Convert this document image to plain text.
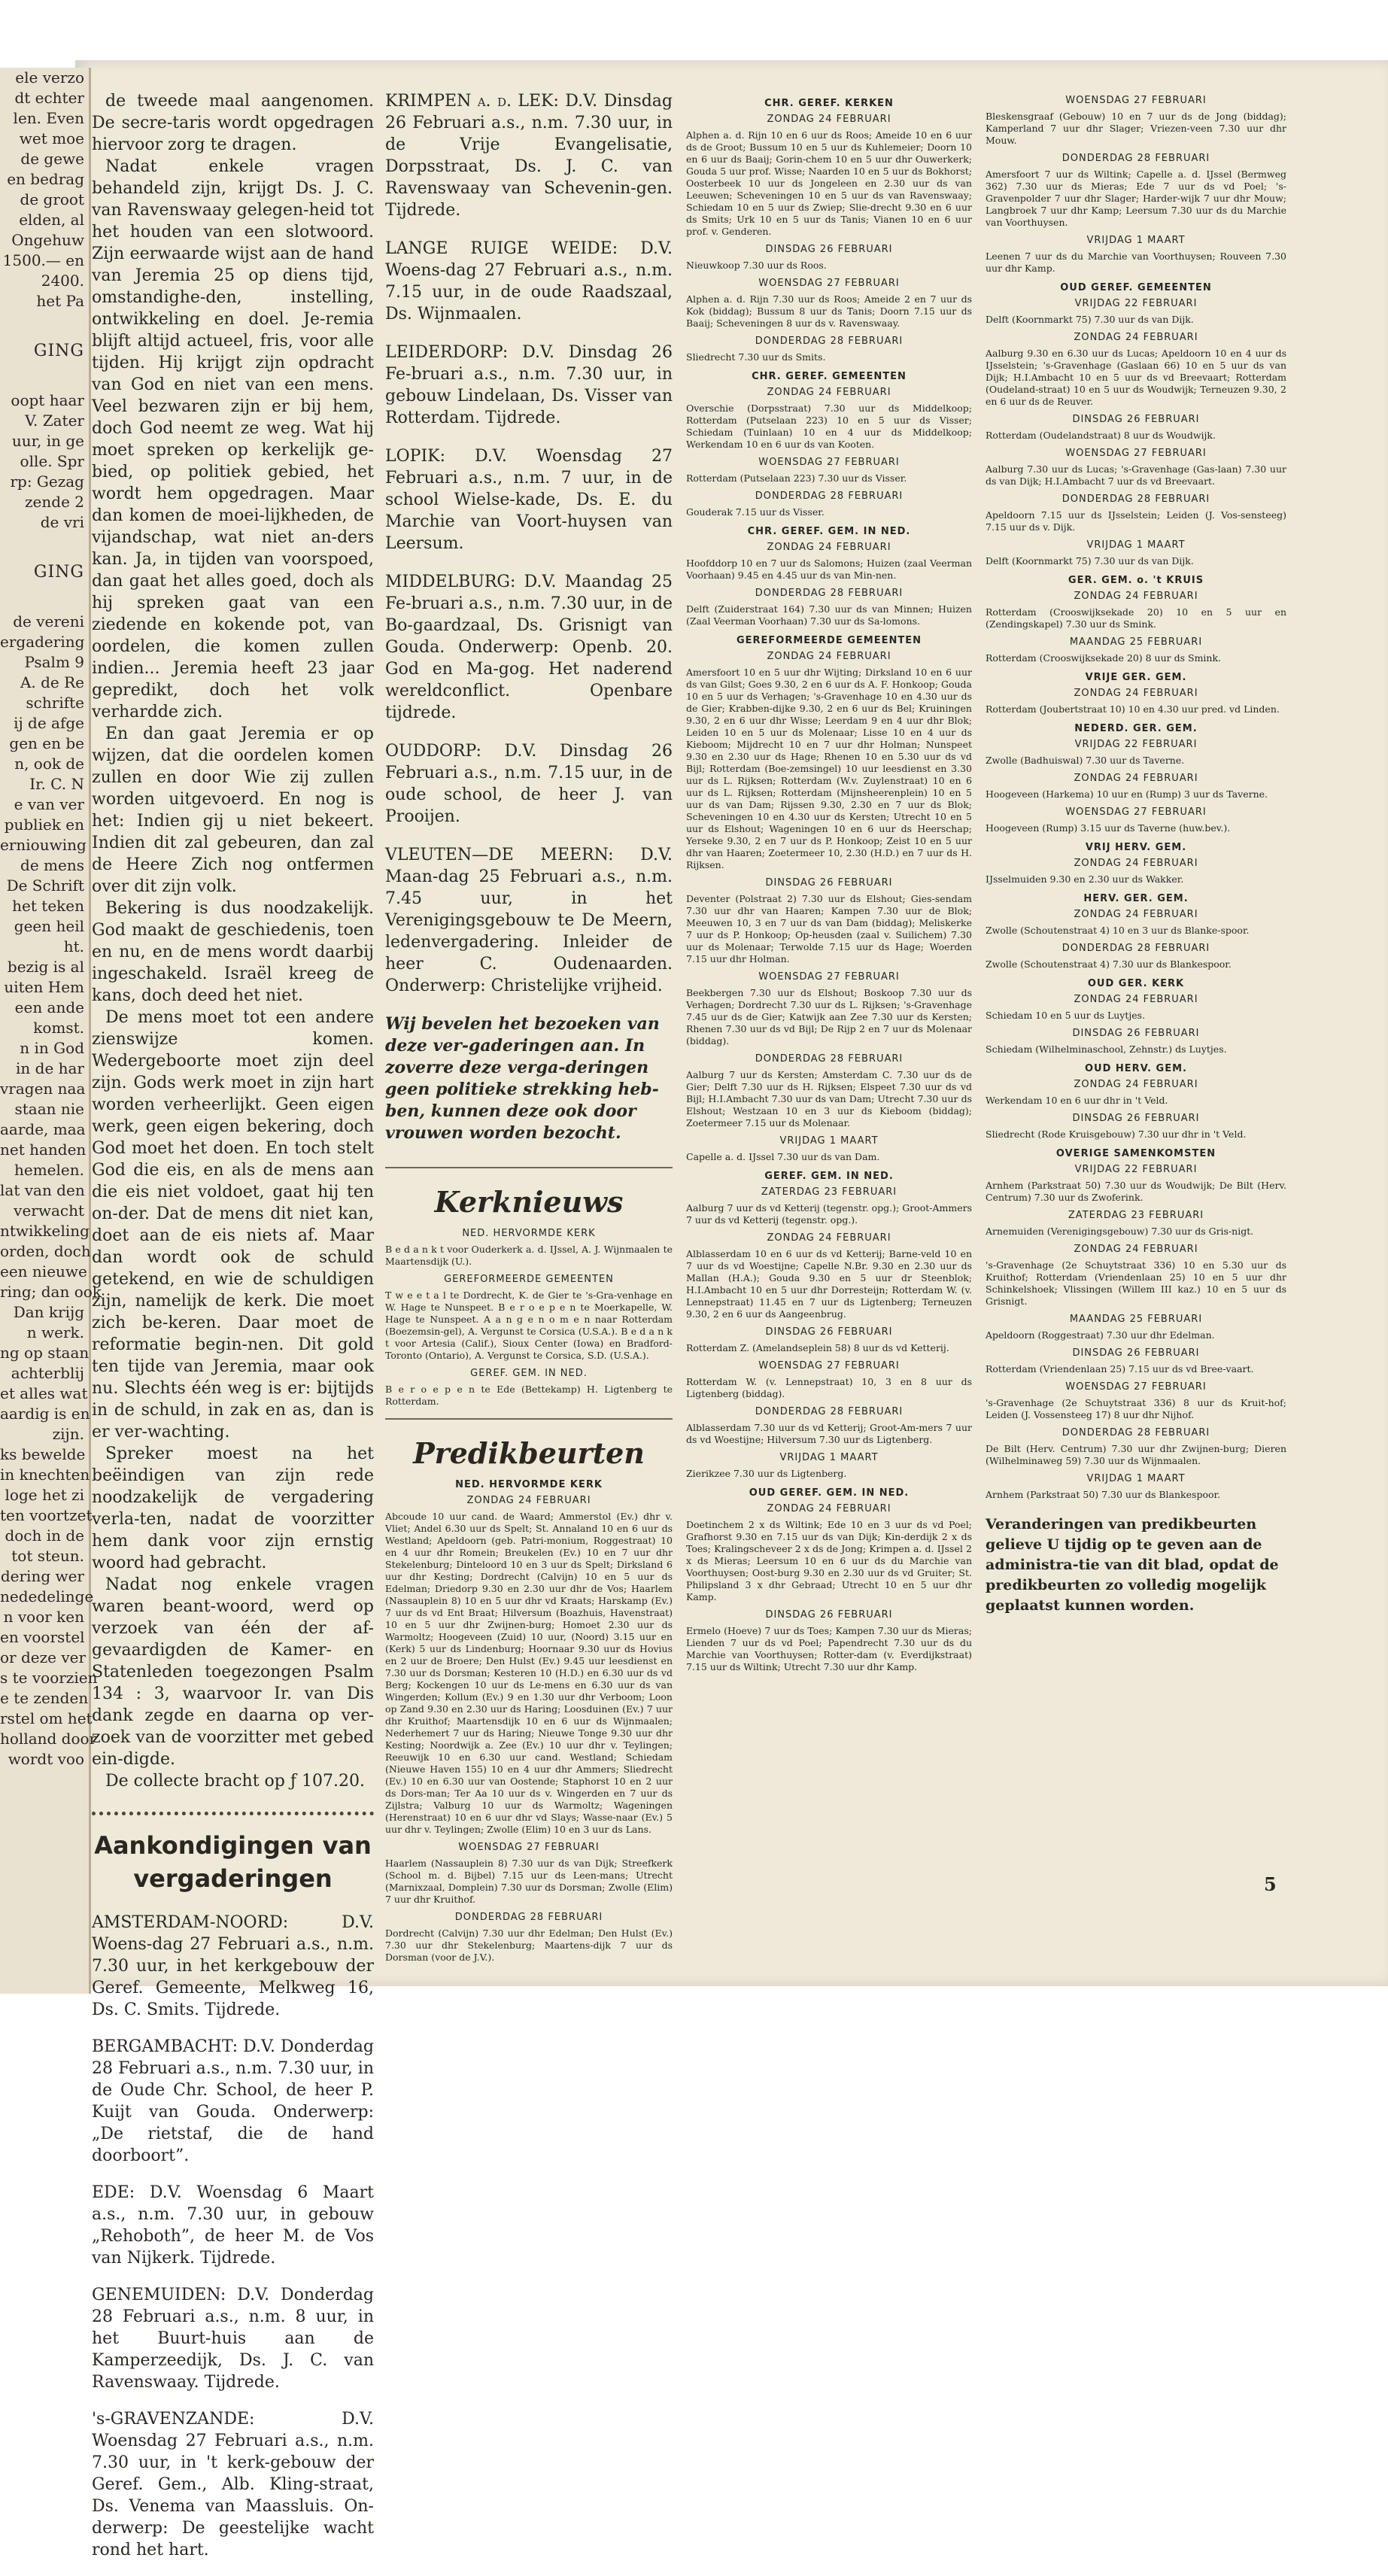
ele verzo

dt echter

len. Even

wet moe

de gewe

en bedrag

de groot

elden, al

Ongehuw

1500.— en

2400.

het Pa

GING

oopt haar

V. Zater

uur, in ge

olle. Spr

rp: Gezag

zende 2

de vri

GING

de vereni

ergadering

Psalm 9

A. de Re

schrifte

ij de afge

gen en be

n, ook de

Ir. C. N

e van ver

publiek en

erniouwing

de mens

De Schrift

het teken

geen heil

ht.

bezig is al

uiten Hem

een ande

komst.

n in God

in de har

vragen naa

staan nie

aarde, maa

net handen

hemelen.

lat van den

verwacht

ntwikkeling

orden, doch

een nieuwe

ring; dan ook

Dan krijg

n werk.

ng op staan

achterblij

et alles wat

aardig is en

zijn.

ks bewelde

in knechten

loge het zi

ten voortzet

doch in de

tot steun.

dering wer

nededelinge

n voor ken

en voorstel

or deze ver

s te voorzien

e te zenden

rstel om het

holland door

wordt voo

de tweede maal aangenomen. De secre-taris wordt opgedragen hiervoor zorg te dragen.

Nadat enkele vragen behandeld zijn, krijgt Ds. J. C. van Ravenswaay gelegen-heid tot het houden van een slotwoord. Zijn eerwaarde wijst aan de hand van Jeremia 25 op diens tijd, omstandighe-den, instelling, ontwikkeling en doel. Je-remia blijft altijd actueel, fris, voor alle tijden. Hij krijgt zijn opdracht van God en niet van een mens. Veel bezwaren zijn er bij hem, doch God neemt ze weg. Wat hij moet spreken op kerkelijk ge-bied, op politiek gebied, het wordt hem opgedragen. Maar dan komen de moei-lijkheden, de vijandschap, wat niet an-ders kan. Ja, in tijden van voorspoed, dan gaat het alles goed, doch als hij spreken gaat van een ziedende en kokende pot, van oordelen, die komen zullen indien... Jeremia heeft 23 jaar gepredikt, doch het volk verhardde zich.

En dan gaat Jeremia er op wijzen, dat die oordelen komen zullen en door Wie zij zullen worden uitgevoerd. En nog is het: Indien gij u niet bekeert. Indien dit zal gebeuren, dan zal de Heere Zich nog ontfermen over dit zijn volk.

Bekering is dus noodzakelijk. God maakt de geschiedenis, toen en nu, en de mens wordt daarbij ingeschakeld. Israël kreeg de kans, doch deed het niet.

De mens moet tot een andere zienswijze komen. Wedergeboorte moet zijn deel zijn. Gods werk moet in zijn hart worden verheerlijkt. Geen eigen werk, geen eigen bekering, doch God moet het doen. En toch stelt God die eis, en als de mens aan die eis niet voldoet, gaat hij ten on-der. Dat de mens dit niet kan, doet aan de eis niets af. Maar dan wordt ook de schuld getekend, en wie de schuldigen zijn, namelijk de kerk. Die moet zich be-keren. Daar moet de reformatie begin-nen. Dit gold ten tijde van Jeremia, maar ook nu. Slechts één weg is er: bijtijds in de schuld, in zak en as, dan is er ver-wachting.

Spreker moest na het beëindigen van zijn rede noodzakelijk de vergadering verla-ten, nadat de voorzitter hem dank voor zijn ernstig woord had gebracht.

Nadat nog enkele vragen waren beant-woord, werd op verzoek van één der af-gevaardigden de Kamer- en Statenleden toegezongen Psalm 134 : 3, waarvoor Ir. van Dis dank zegde en daarna op ver-zoek van de voorzitter met gebed ein-digde.

De collecte bracht op ƒ 107.20.

Aankondigingen van vergaderingen

AMSTERDAM-NOORD: D.V. Woens-dag 27 Februari a.s., n.m. 7.30 uur, in het kerkgebouw der Geref. Gemeente, Melkweg 16, Ds. C. Smits. Tijdrede.

BERGAMBACHT: D.V. Donderdag 28 Februari a.s., n.m. 7.30 uur, in de Oude Chr. School, de heer P. Kuijt van Gouda. Onderwerp: „De rietstaf, die de hand doorboort”.

EDE: D.V. Woensdag 6 Maart a.s., n.m. 7.30 uur, in gebouw „Rehoboth”, de heer M. de Vos van Nijkerk. Tijdrede.

GENEMUIDEN: D.V. Donderdag 28 Februari a.s., n.m. 8 uur, in het Buurt-huis aan de Kamperzeedijk, Ds. J. C. van Ravenswaay. Tijdrede.

's-GRAVENZANDE: D.V. Woensdag 27 Februari a.s., n.m. 7.30 uur, in 't kerk-gebouw der Geref. Gem., Alb. Kling-straat, Ds. Venema van Maassluis. On-derwerp: De geestelijke wacht rond het hart.

KRIMPEN a. d. LEK: D.V. Dinsdag 26 Februari a.s., n.m. 7.30 uur, in de Vrije Evangelisatie, Dorpsstraat, Ds. J. C. van Ravenswaay van Schevenin-gen. Tijdrede.

LANGE RUIGE WEIDE: D.V. Woens-dag 27 Februari a.s., n.m. 7.15 uur, in de oude Raadszaal, Ds. Wijnmaalen.

LEIDERDORP: D.V. Dinsdag 26 Fe-bruari a.s., n.m. 7.30 uur, in gebouw Lindelaan, Ds. Visser van Rotterdam. Tijdrede.

LOPIK: D.V. Woensdag 27 Februari a.s., n.m. 7 uur, in de school Wielse-kade, Ds. E. du Marchie van Voort-huysen van Leersum.

MIDDELBURG: D.V. Maandag 25 Fe-bruari a.s., n.m. 7.30 uur, in de Bo-gaardzaal, Ds. Grisnigt van Gouda. Onderwerp: Openb. 20. God en Ma-gog. Het naderend wereldconflict. Openbare tijdrede.

OUDDORP: D.V. Dinsdag 26 Februari a.s., n.m. 7.15 uur, in de oude school, de heer J. van Prooijen.

VLEUTEN—DE MEERN: D.V. Maan-dag 25 Februari a.s., n.m. 7.45 uur, in het Verenigingsgebouw te De Meern, ledenvergadering. Inleider de heer C. Oudenaarden. Onderwerp: Christelijke vrijheid.

Wij bevelen het bezoeken van deze ver-gaderingen aan. In zoverre deze verga-deringen geen politieke strekking heb-ben, kunnen deze ook door vrouwen worden bezocht.

Kerknieuws
NED. HERVORMDE KERK

B e d a n k t voor Ouderkerk a. d. IJssel, A. J. Wijnmaalen te Maartensdijk (U.).

GEREFORMEERDE GEMEENTEN

T w e e t a l te Dordrecht, K. de Gier te 's-Gra-venhage en W. Hage te Nunspeet. B e r o e p e n te Moerkapelle, W. Hage te Nunspeet. A a n g e n o m e n naar Rotterdam (Boezemsin-gel), A. Vergunst te Corsica (U.S.A.). B e d a n k t voor Artesia (Calif.), Sioux Center (Iowa) en Bradford-Toronto (Ontario), A. Vergunst te Corsica, S.D. (U.S.A.).

GEREF. GEM. IN NED.

B e r o e p e n te Ede (Bettekamp) H. Ligtenberg te Rotterdam.

Predikbeurten
NED. HERVORMDE KERK
ZONDAG 24 FEBRUARI

Abcoude 10 uur cand. de Waard; Ammerstol (Ev.) dhr v. Vliet; Andel 6.30 uur ds Spelt; St. Annaland 10 en 6 uur ds Westland; Apeldoorn (geb. Patri-monium, Roggestraat) 10 en 4 uur dhr Romein; Breukelen (Ev.) 10 en 7 uur dhr Stekelenburg; Dinteloord 10 en 3 uur ds Spelt; Dirksland 6 uur dhr Kesting; Dordrecht (Calvijn) 10 en 5 uur ds Edelman; Driedorp 9.30 en 2.30 uur dhr de Vos; Haarlem (Nassauplein 8) 10 en 5 uur dhr vd Kraats; Harskamp (Ev.) 7 uur ds vd Ent Braat; Hilversum (Boazhuis, Havenstraat) 10 en 5 uur dhr Zwijnen-burg; Homoet 2.30 uur ds Warmoltz; Hoogeveen (Zuid) 10 uur, (Noord) 3.15 uur en (Kerk) 5 uur ds Lindenburg; Hoornaar 9.30 uur ds Hovius en 2 uur de Broere; Den Hulst (Ev.) 9.45 uur leesdienst en 7.30 uur ds Dorsman; Kesteren 10 (H.D.) en 6.30 uur ds vd Berg; Kockengen 10 uur ds Le-mens en 6.30 uur ds van Wingerden; Kollum (Ev.) 9 en 1.30 uur dhr Verboom; Loon op Zand 9.30 en 2.30 uur ds Haring; Loosduinen (Ev.) 7 uur dhr Kruithof; Maartensdijk 10 en 6 uur ds Wijnmaalen; Nederhemert 7 uur ds Haring; Nieuwe Tonge 9.30 uur dhr Kesting; Noordwijk a. Zee (Ev.) 10 uur dhr v. Teylingen; Reeuwijk 10 en 6.30 uur cand. Westland; Schiedam (Nieuwe Haven 155) 10 en 4 uur dhr Ammers; Sliedrecht (Ev.) 10 en 6.30 uur van Oostende; Staphorst 10 en 2 uur ds Dors-man; Ter Aa 10 uur ds v. Wingerden en 7 uur ds Zijlstra; Valburg 10 uur ds Warmoltz; Wageningen (Herenstraat) 10 en 6 uur dhr vd Slays; Wasse-naar (Ev.) 5 uur dhr v. Teylingen; Zwolle (Elim) 10 en 3 uur ds Lans.

WOENSDAG 27 FEBRUARI

Haarlem (Nassauplein 8) 7.30 uur ds van Dijk; Streefkerk (School m. d. Bijbel) 7.15 uur ds Leen-mans; Utrecht (Marnixzaal, Domplein) 7.30 uur ds Dorsman; Zwolle (Elim) 7 uur dhr Kruithof.

DONDERDAG 28 FEBRUARI

Dordrecht (Calvijn) 7.30 uur dhr Edelman; Den Hulst (Ev.) 7.30 uur dhr Stekelenburg; Maartens-dijk 7 uur ds Dorsman (voor de J.V.).

CHR. GEREF. KERKEN
ZONDAG 24 FEBRUARI

Alphen a. d. Rijn 10 en 6 uur ds Roos; Ameide 10 en 6 uur ds de Groot; Bussum 10 en 5 uur ds Kuhlemeier; Doorn 10 en 6 uur ds Baaij; Gorin-chem 10 en 5 uur dhr Ouwerkerk; Gouda 5 uur prof. Wisse; Naarden 10 en 5 uur ds Bokhorst; Oosterbeek 10 uur ds Jongeleen en 2.30 uur ds van Leeuwen; Scheveningen 10 en 5 uur ds van Ravenswaay; Schiedam 10 en 5 uur ds Zwiep; Slie-drecht 9.30 en 6 uur ds Smits; Urk 10 en 5 uur ds Tanis; Vianen 10 en 6 uur prof. v. Genderen.

DINSDAG 26 FEBRUARI

Nieuwkoop 7.30 uur ds Roos.

WOENSDAG 27 FEBRUARI

Alphen a. d. Rijn 7.30 uur ds Roos; Ameide 2 en 7 uur ds Kok (biddag); Bussum 8 uur ds Tanis; Doorn 7.15 uur ds Baaij; Scheveningen 8 uur ds v. Ravenswaay.

DONDERDAG 28 FEBRUARI

Sliedrecht 7.30 uur ds Smits.

CHR. GEREF. GEMEENTEN
ZONDAG 24 FEBRUARI

Overschie (Dorpsstraat) 7.30 uur ds Middelkoop; Rotterdam (Putselaan 223) 10 en 5 uur ds Visser; Schiedam (Tuinlaan) 10 en 4 uur ds Middelkoop; Werkendam 10 en 6 uur ds van Kooten.

WOENSDAG 27 FEBRUARI

Rotterdam (Putselaan 223) 7.30 uur ds Visser.

DONDERDAG 28 FEBRUARI

Gouderak 7.15 uur ds Visser.

CHR. GEREF. GEM. IN NED.
ZONDAG 24 FEBRUARI

Hoofddorp 10 en 7 uur ds Salomons; Huizen (zaal Veerman Voorhaan) 9.45 en 4.45 uur ds van Min-nen.

DONDERDAG 28 FEBRUARI

Delft (Zuiderstraat 164) 7.30 uur ds van Minnen; Huizen (Zaal Veerman Voorhaan) 7.30 uur ds Sa-lomons.

GEREFORMEERDE GEMEENTEN
ZONDAG 24 FEBRUARI

Amersfoort 10 en 5 uur dhr Wijting; Dirksland 10 en 6 uur ds van Gilst; Goes 9.30, 2 en 6 uur ds A. F. Honkoop; Gouda 10 en 5 uur ds Verhagen; 's-Gravenhage 10 en 4.30 uur ds de Gier; Krabben-dijke 9.30, 2 en 6 uur ds Bel; Kruiningen 9.30, 2 en 6 uur dhr Wisse; Leerdam 9 en 4 uur dhr Blok; Leiden 10 en 5 uur ds Molenaar; Lisse 10 en 4 uur ds Kieboom; Mijdrecht 10 en 7 uur dhr Holman; Nunspeet 9.30 en 2.30 uur ds Hage; Rhenen 10 en 5.30 uur ds vd Bijl; Rotterdam (Boe-zemsingel) 10 uur leesdienst en 3.30 uur ds L. Rijksen; Rotterdam (W.v. Zuylenstraat) 10 en 6 uur ds L. Rijksen; Rotterdam (Mijnsheerenplein) 10 en 5 uur ds van Dam; Rijssen 9.30, 2.30 en 7 uur ds Blok; Scheveningen 10 en 4.30 uur ds Kersten; Utrecht 10 en 5 uur ds Elshout; Wageningen 10 en 6 uur ds Heerschap; Yerseke 9.30, 2 en 7 uur ds P. Honkoop; Zeist 10 en 5 uur dhr van Haaren; Zoetermeer 10, 2.30 (H.D.) en 7 uur ds H. Rijksen.

DINSDAG 26 FEBRUARI

Deventer (Polstraat 2) 7.30 uur ds Elshout; Gies-sendam 7.30 uur dhr van Haaren; Kampen 7.30 uur de Blok; Meeuwen 10, 3 en 7 uur ds van Dam (biddag); Meliskerke 7 uur ds P. Honkoop; Op-heusden (zaal v. Suilichem) 7.30 uur ds Molenaar; Terwolde 7.15 uur ds Hage; Woerden 7.15 uur dhr Holman.

WOENSDAG 27 FEBRUARI

Beekbergen 7.30 uur ds Elshout; Boskoop 7.30 uur ds Verhagen; Dordrecht 7.30 uur ds L. Rijksen; 's-Gravenhage 7.45 uur ds de Gier; Katwijk aan Zee 7.30 uur ds Kersten; Rhenen 7.30 uur ds vd Bijl; De Rijp 2 en 7 uur ds Molenaar (biddag).

DONDERDAG 28 FEBRUARI

Aalburg 7 uur ds Kersten; Amsterdam C. 7.30 uur ds de Gier; Delft 7.30 uur ds H. Rijksen; Elspeet 7.30 uur ds vd Bijl; H.I.Ambacht 7.30 uur ds van Dam; Utrecht 7.30 uur ds Elshout; Westzaan 10 en 3 uur ds Kieboom (biddag); Zoetermeer 7.15 uur ds Molenaar.

VRIJDAG 1 MAART

Capelle a. d. IJssel 7.30 uur ds van Dam.

GEREF. GEM. IN NED.
ZATERDAG 23 FEBRUARI

Aalburg 7 uur ds vd Ketterij (tegenstr. opg.); Groot-Ammers 7 uur ds vd Ketterij (tegenstr. opg.).

ZONDAG 24 FEBRUARI

Alblasserdam 10 en 6 uur ds vd Ketterij; Barne-veld 10 en 7 uur ds vd Woestijne; Capelle N.Br. 9.30 en 2.30 uur ds Mallan (H.A.); Gouda 9.30 en 5 uur dr Steenblok; H.I.Ambacht 10 en 5 uur dhr Dorresteijn; Rotterdam W. (v. Lennepstraat) 11.45 en 7 uur ds Ligtenberg; Terneuzen 9.30, 2 en 6 uur ds Aangeenbrug.

DINSDAG 26 FEBRUARI

Rotterdam Z. (Amelandseplein 58) 8 uur ds vd Ketterij.

WOENSDAG 27 FEBRUARI

Rotterdam W. (v. Lennepstraat) 10, 3 en 8 uur ds Ligtenberg (biddag).

DONDERDAG 28 FEBRUARI

Alblasserdam 7.30 uur ds vd Ketterij; Groot-Am-mers 7 uur ds vd Woestijne; Hilversum 7.30 uur ds Ligtenberg.

VRIJDAG 1 MAART

Zierikzee 7.30 uur ds Ligtenberg.

OUD GEREF. GEM. IN NED.
ZONDAG 24 FEBRUARI

Doetinchem 2 x ds Wiltink; Ede 10 en 3 uur ds vd Poel; Grafhorst 9.30 en 7.15 uur ds van Dijk; Kin-derdijk 2 x ds Toes; Kralingscheveer 2 x ds de Jong; Krimpen a. d. IJssel 2 x ds Mieras; Leersum 10 en 6 uur ds du Marchie van Voorthuysen; Oost-burg 9.30 en 2.30 uur ds vd Gruiter; St. Philipsland 3 x dhr Gebraad; Utrecht 10 en 5 uur dhr Kamp.

DINSDAG 26 FEBRUARI

Ermelo (Hoeve) 7 uur ds Toes; Kampen 7.30 uur ds Mieras; Lienden 7 uur ds vd Poel; Papendrecht 7.30 uur ds du Marchie van Voorthuysen; Rotter-dam (v. Everdijkstraat) 7.15 uur ds Wiltink; Utrecht 7.30 uur dhr Kamp.

WOENSDAG 27 FEBRUARI

Bleskensgraaf (Gebouw) 10 en 7 uur ds de Jong (biddag); Kamperland 7 uur dhr Slager; Vriezen-veen 7.30 uur dhr Mouw.

DONDERDAG 28 FEBRUARI

Amersfoort 7 uur ds Wiltink; Capelle a. d. IJssel (Bermweg 362) 7.30 uur ds Mieras; Ede 7 uur ds vd Poel; 's-Gravenpolder 7 uur dhr Slager; Harder-wijk 7 uur dhr Mouw; Langbroek 7 uur dhr Kamp; Leersum 7.30 uur ds du Marchie van Voorthuysen.

VRIJDAG 1 MAART

Leenen 7 uur ds du Marchie van Voorthuysen; Rouveen 7.30 uur dhr Kamp.

OUD GEREF. GEMEENTEN
VRIJDAG 22 FEBRUARI

Delft (Koornmarkt 75) 7.30 uur ds van Dijk.

ZONDAG 24 FEBRUARI

Aalburg 9.30 en 6.30 uur ds Lucas; Apeldoorn 10 en 4 uur ds IJsselstein; 's-Gravenhage (Gaslaan 66) 10 en 5 uur ds van Dijk; H.I.Ambacht 10 en 5 uur ds vd Breevaart; Rotterdam (Oudeland-straat) 10 en 5 uur ds Woudwijk; Terneuzen 9.30, 2 en 6 uur ds de Reuver.

DINSDAG 26 FEBRUARI

Rotterdam (Oudelandstraat) 8 uur ds Woudwijk.

WOENSDAG 27 FEBRUARI

Aalburg 7.30 uur ds Lucas; 's-Gravenhage (Gas-laan) 7.30 uur ds van Dijk; H.I.Ambacht 7 uur ds vd Breevaart.

DONDERDAG 28 FEBRUARI

Apeldoorn 7.15 uur ds IJsselstein; Leiden (J. Vos-sensteeg) 7.15 uur ds v. Dijk.

VRIJDAG 1 MAART

Delft (Koornmarkt 75) 7.30 uur ds van Dijk.

GER. GEM. o. 't KRUIS
ZONDAG 24 FEBRUARI

Rotterdam (Crooswijksekade 20) 10 en 5 uur en (Zendingskapel) 7.30 uur ds Smink.

MAANDAG 25 FEBRUARI

Rotterdam (Crooswijksekade 20) 8 uur ds Smink.

VRIJE GER. GEM.
ZONDAG 24 FEBRUARI

Rotterdam (Joubertstraat 10) 10 en 4.30 uur pred. vd Linden.

NEDERD. GER. GEM.
VRIJDAG 22 FEBRUARI

Zwolle (Badhuiswal) 7.30 uur ds Taverne.

ZONDAG 24 FEBRUARI

Hoogeveen (Harkema) 10 uur en (Rump) 3 uur ds Taverne.

WOENSDAG 27 FEBRUARI

Hoogeveen (Rump) 3.15 uur ds Taverne (huw.bev.).

VRIJ HERV. GEM.
ZONDAG 24 FEBRUARI

IJsselmuiden 9.30 en 2.30 uur ds Wakker.

HERV. GER. GEM.
ZONDAG 24 FEBRUARI

Zwolle (Schoutenstraat 4) 10 en 3 uur ds Blanke-spoor.

DONDERDAG 28 FEBRUARI

Zwolle (Schoutenstraat 4) 7.30 uur ds Blankespoor.

OUD GER. KERK
ZONDAG 24 FEBRUARI

Schiedam 10 en 5 uur ds Luytjes.

DINSDAG 26 FEBRUARI

Schiedam (Wilhelminaschool, Zehnstr.) ds Luytjes.

OUD HERV. GEM.
ZONDAG 24 FEBRUARI

Werkendam 10 en 6 uur dhr in 't Veld.

DINSDAG 26 FEBRUARI

Sliedrecht (Rode Kruisgebouw) 7.30 uur dhr in 't Veld.

OVERIGE SAMENKOMSTEN
VRIJDAG 22 FEBRUARI

Arnhem (Parkstraat 50) 7.30 uur ds Woudwijk; De Bilt (Herv. Centrum) 7.30 uur ds Zwoferink.

ZATERDAG 23 FEBRUARI

Arnemuiden (Verenigingsgebouw) 7.30 uur ds Gris-nigt.

ZONDAG 24 FEBRUARI

's-Gravenhage (2e Schuytstraat 336) 10 en 5.30 uur ds Kruithof; Rotterdam (Vriendenlaan 25) 10 en 5 uur dhr Schinkelshoek; Vlissingen (Willem III kaz.) 10 en 5 uur ds Grisnigt.

MAANDAG 25 FEBRUARI

Apeldoorn (Roggestraat) 7.30 uur dhr Edelman.

DINSDAG 26 FEBRUARI

Rotterdam (Vriendenlaan 25) 7.15 uur ds vd Bree-vaart.

WOENSDAG 27 FEBRUARI

's-Gravenhage (2e Schuytstraat 336) 8 uur ds Kruit-hof; Leiden (J. Vossensteeg 17) 8 uur dhr Nijhof.

DONDERDAG 28 FEBRUARI

De Bilt (Herv. Centrum) 7.30 uur dhr Zwijnen-burg; Dieren (Wilhelminaweg 59) 7.30 uur ds Wijnmaalen.

VRIJDAG 1 MAART

Arnhem (Parkstraat 50) 7.30 uur ds Blankespoor.

Veranderingen van predikbeurten gelieve U tijdig op te geven aan de administra-tie van dit blad, opdat de predikbeurten zo volledig mogelijk geplaatst kunnen worden.

5
